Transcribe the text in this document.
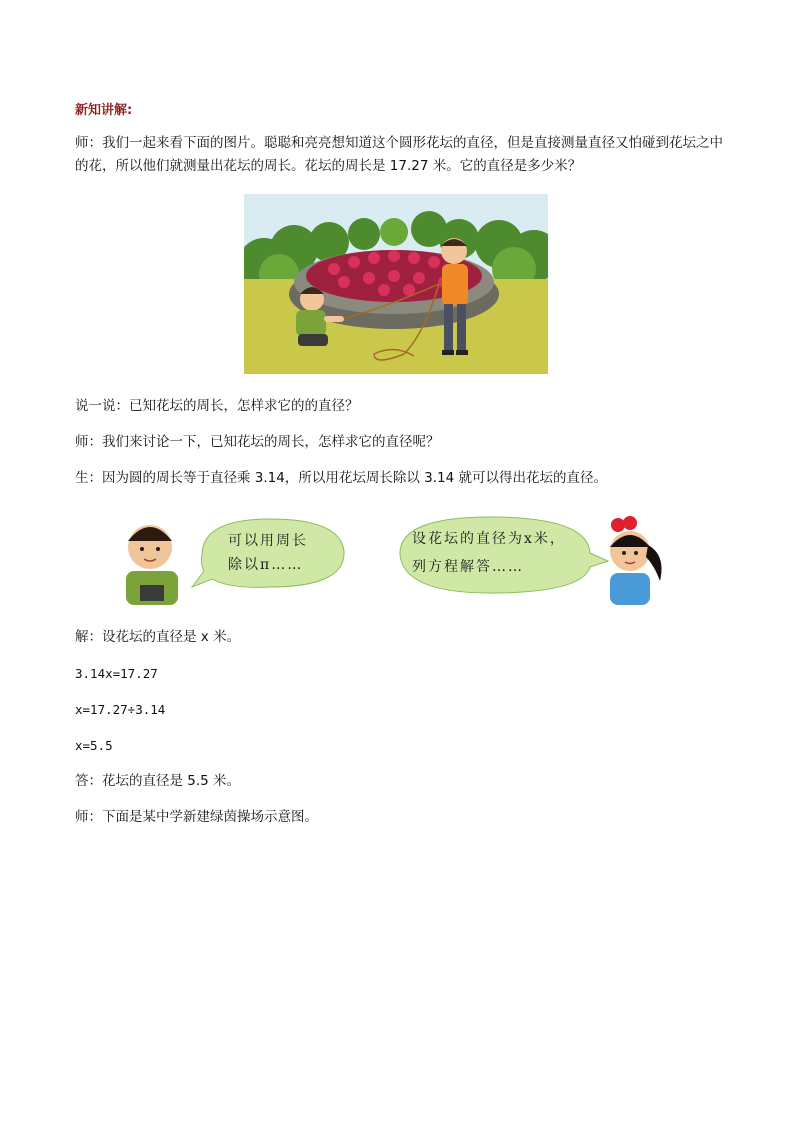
新知讲解:
师：我们一起来看下面的图片。聪聪和亮亮想知道这个圆形花坛的直径，但是直接测量直径又怕碰到花坛之中的花，所以他们就测量出花坛的周长。花坛的周长是 17.27 米。它的直径是多少米？
说一说：已知花坛的周长，怎样求它的的直径？
师：我们来讨论一下，已知花坛的周长，怎样求它的直径呢？
生：因为圆的周长等于直径乘 3.14，所以用花坛周长除以 3.14 就可以得出花坛的直径。
可以用周长
除以π……
设花坛的直径为x米，
列方程解答……
解：设花坛的直径是 x 米。
3.14x=17.27
x=17.27÷3.14
x=5.5
答：花坛的直径是 5.5 米。
师：下面是某中学新建绿茵操场示意图。
